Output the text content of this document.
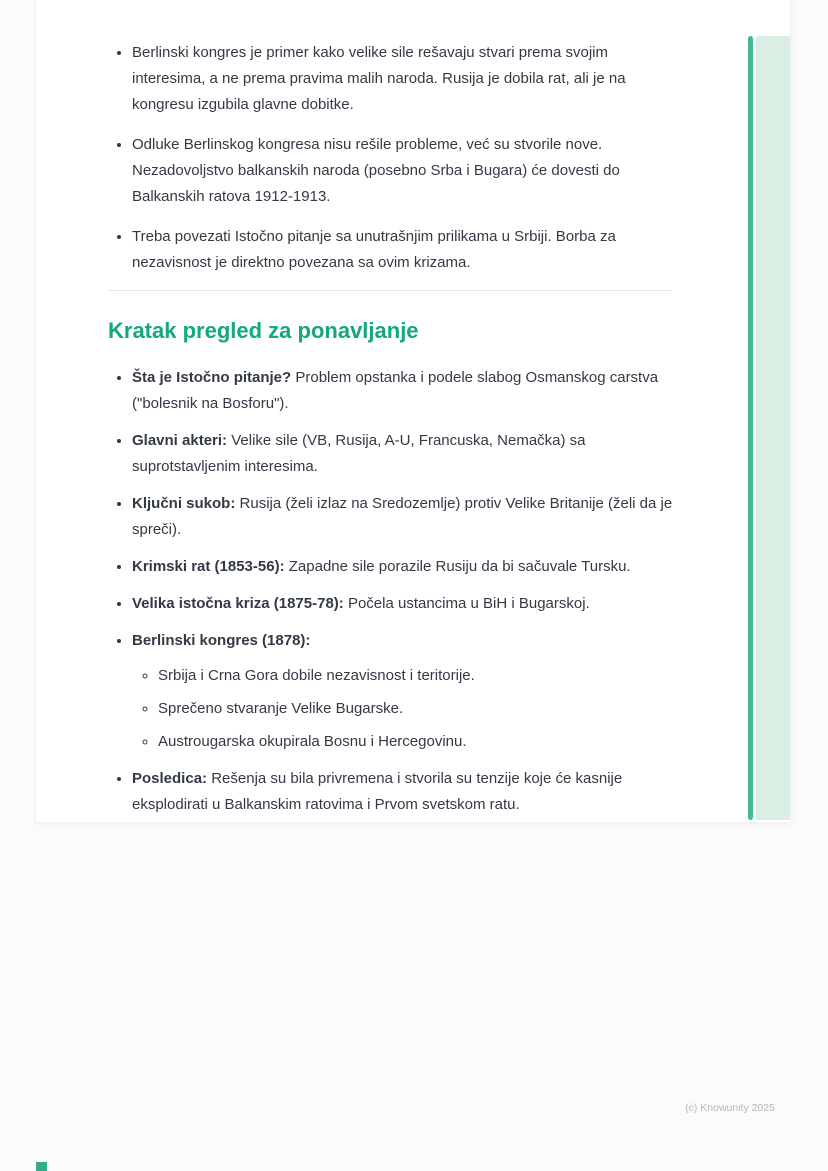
• Berlinski kongres je primer kako velike sile rešavaju stvari prema svojim interesima, a ne prema pravima malih naroda. Rusija je dobila rat, ali je na kongresu izgubila glavne dobitke.
• Odluke Berlinskog kongresa nisu rešile probleme, već su stvorile nove. Nezadovoljstvo balkanskih naroda (posebno Srba i Bugara) će dovesti do Balkanskih ratova 1912-1913.
• Treba povezati Istočno pitanje sa unutrašnjim prilikama u Srbiji. Borba za nezavisnost je direktno povezana sa ovim krizama.
Kratak pregled za ponavljanje
• Šta je Istočno pitanje? Problem opstanka i podele slabog Osmanskog carstva ("bolesnik na Bosforu").
• Glavni akteri: Velike sile (VB, Rusija, A-U, Francuska, Nemačka) sa suprotstavljenim interesima.
• Ključni sukob: Rusija (želi izlaz na Sredozemlje) protiv Velike Britanije (želi da je spreči).
• Krimski rat (1853-56): Zapadne sile porazile Rusiju da bi sačuvale Tursku.
• Velika istočna kriza (1875-78): Počela ustancima u BiH i Bugarskoj.
• Berlinski kongres (1878):
◦ Srbija i Crna Gora dobile nezavisnost i teritorije.
◦ Sprečeno stvaranje Velike Bugarske.
◦ Austrougarska okupirala Bosnu i Hercegovinu.
• Posledica: Rešenja su bila privremena i stvorila su tenzije koje će kasnije eksplodirati u Balkanskim ratovima i Prvom svetskom ratu.
(c) Knowunity 2025
